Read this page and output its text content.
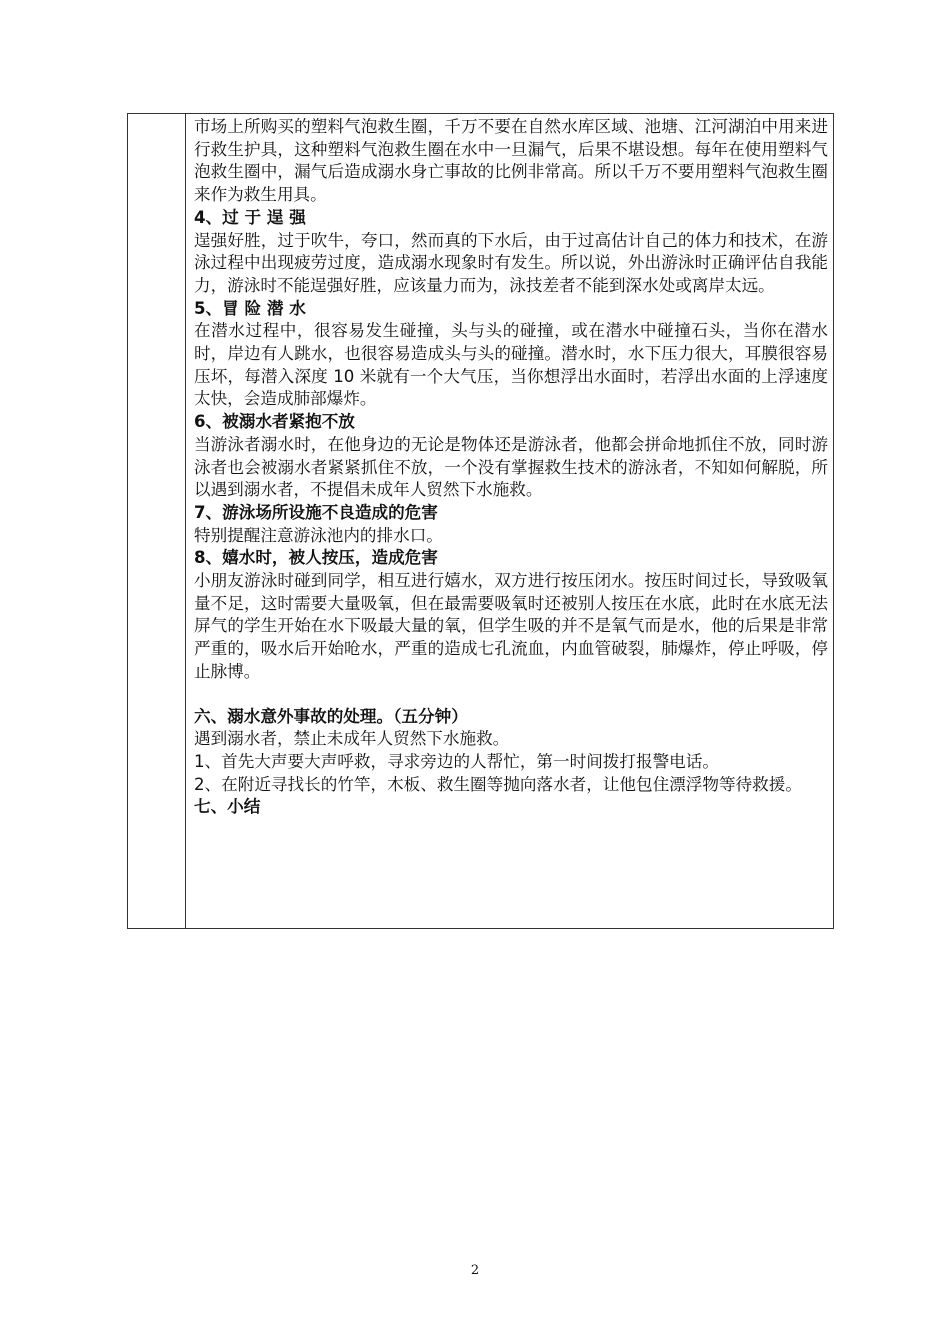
市场上所购买的塑料气泡救生圈，千万不要在自然水库区域、池塘、江河湖泊中用来进行救生护具，这种塑料气泡救生圈在水中一旦漏气，后果不堪设想。每年在使用塑料气泡救生圈中，漏气后造成溺水身亡事故的比例非常高。所以千万不要用塑料气泡救生圈来作为救生用具。

4、过 于 逞 强

逞强好胜，过于吹牛，夸口，然而真的下水后，由于过高估计自己的体力和技术，在游泳过程中出现疲劳过度，造成溺水现象时有发生。所以说，外出游泳时正确评估自我能力，游泳时不能逞强好胜，应该量力而为，泳技差者不能到深水处或离岸太远。

5、冒 险 潜 水

在潜水过程中，很容易发生碰撞，头与头的碰撞，或在潜水中碰撞石头，当你在潜水时，岸边有人跳水，也很容易造成头与头的碰撞。潜水时，水下压力很大，耳膜很容易压坏，每潜入深度 10 米就有一个大气压，当你想浮出水面时，若浮出水面的上浮速度太快，会造成肺部爆炸。

6、被溺水者紧抱不放

当游泳者溺水时，在他身边的无论是物体还是游泳者，他都会拼命地抓住不放，同时游泳者也会被溺水者紧紧抓住不放，一个没有掌握救生技术的游泳者，不知如何解脱，所以遇到溺水者，不提倡未成年人贸然下水施救。

7、游泳场所设施不良造成的危害

特别提醒注意游泳池内的排水口。

8、嬉水时，被人按压，造成危害

小朋友游泳时碰到同学，相互进行嬉水，双方进行按压闭水。按压时间过长，导致吸氧量不足，这时需要大量吸氧，但在最需要吸氧时还被别人按压在水底，此时在水底无法屏气的学生开始在水下吸最大量的氧，但学生吸的并不是氧气而是水，他的后果是非常严重的，吸水后开始呛水，严重的造成七孔流血，内血管破裂，肺爆炸，停止呼吸，停止脉博。

六、溺水意外事故的处理。（五分钟）

遇到溺水者，禁止未成年人贸然下水施救。

1、首先大声要大声呼救，寻求旁边的人帮忙，第一时间拨打报警电话。

2、在附近寻找长的竹竿，木板、救生圈等抛向落水者，让他包住漂浮物等待救援。

七、小结

2
